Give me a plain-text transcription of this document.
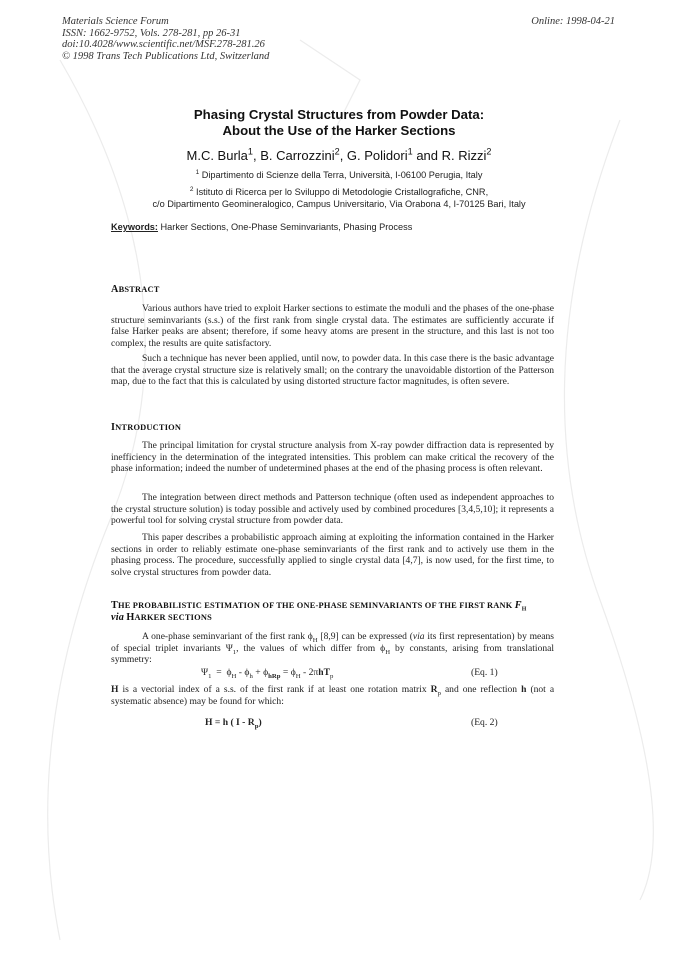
Materials Science Forum
ISSN: 1662-9752, Vols. 278-281, pp 26-31
doi:10.4028/www.scientific.net/MSF.278-281.26
© 1998 Trans Tech Publications Ltd, Switzerland
Online: 1998-04-21
Phasing Crystal Structures from Powder Data:
About the Use of the Harker Sections
M.C. Burla$^1$, B. Carrozzini$^2$, G. Polidori$^1$ and R. Rizzi$^2$
$^1$ Dipartimento di Scienze della Terra, Università, I-06100 Perugia, Italy
$^2$ Istituto di Ricerca per lo Sviluppo di Metodologie Cristallografiche, CNR,
c/o Dipartimento Geomineralogico, Campus Universitario, Via Orabona 4, I-70125 Bari, Italy
Keywords: Harker Sections, One-Phase Seminvariants, Phasing Process
ABSTRACT

Various authors have tried to exploit Harker sections to estimate the moduli and the phases of the one-phase structure seminvariants (s.s.) of the first rank from single crystal data. The estimates are sufficiently accurate if false Harker peaks are absent; therefore, if some heavy atoms are present in the structure, and this last is not too complex, the results are quite satisfactory.

Such a technique has never been applied, until now, to powder data. In this case there is the basic advantage that the average crystal structure size is relatively small; on the contrary the unavoidable distortion of the Patterson map, due to the fact that this is calculated by using distorted structure factor magnitudes, is often severe.

INTRODUCTION

The principal limitation for crystal structure analysis from X-ray powder diffraction data is represented by inefficiency in the determination of the integrated intensities. This problem can make critical the recovery of the phase information; indeed the number of undetermined phases at the end of the phasing process is often relevant.

The integration between direct methods and Patterson technique (often used as independent approaches to the crystal structure solution) is today possible and actively used by combined procedures [3,4,5,10]; it represents a powerful tool for solving crystal structure from powder data.

This paper describes a probabilistic approach aiming at exploiting the information contained in the Harker sections in order to reliably estimate one-phase seminvariants of the first rank and to actively use them in the phasing process. The procedure, successfully applied to single crystal data [4,7], is now used, for the first time, to solve crystal structures from powder data.

THE PROBABILISTIC ESTIMATION OF THE ONE-PHASE SEMINVARIANTS OF THE FIRST RANK $F_H$
via HARKER SECTIONS

A one-phase seminvariant of the first rank $\phi_H$ [8,9] can be expressed (via its first representation) by means of special triplet invariants $\Psi_1$, the values of which differ from $\phi_H$ by constants, arising from translational symmetry:

$\Psi_1 = \phi_H - \phi_h + \phi_{hRp} = \phi_H - 2\pi hT_p$	(Eq. 1)

H is a vectorial index of a s.s. of the first rank if at least one rotation matrix $R_p$ and one reflection h (not a systematic absence) may be found for which:

H = h ( I - $R_p$)	(Eq. 2)
